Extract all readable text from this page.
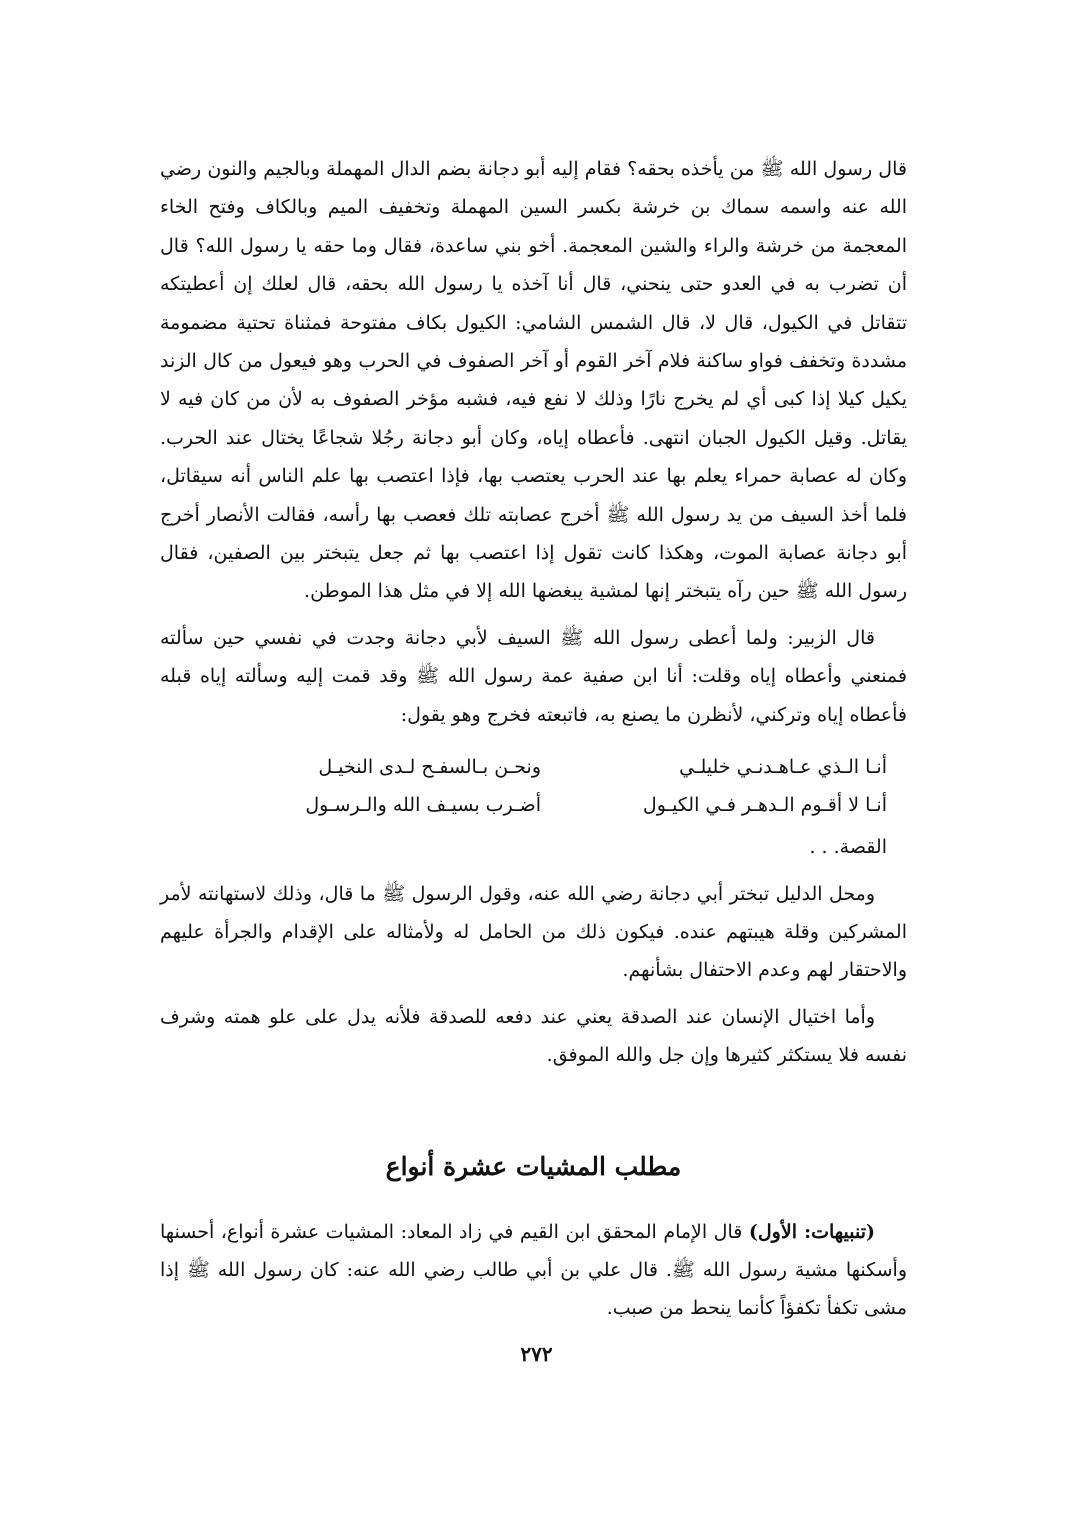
قال رسول الله ﷺ من يأخذه بحقه؟ فقام إليه أبو دجانة بضم الدال المهملة وبالجيم والنون رضي الله عنه واسمه سماك بن خرشة بكسر السين المهملة وتخفيف الميم وبالكاف وفتح الخاء المعجمة من خرشة والراء والشين المعجمة. أخو بني ساعدة، فقال وما حقه يا رسول الله؟ قال أن تضرب به في العدو حتى ينحني، قال أنا آخذه يا رسول الله بحقه، قال لعلك إن أعطيتكه تتقاتل في الكيول، قال لا، قال الشمس الشامي: الكيول بكاف مفتوحة فمثناة تحتية مضمومة مشددة وتخفف فواو ساكنة فلام آخر القوم أو آخر الصفوف في الحرب وهو فيعول من كال الزند يكيل كيلا إذا كبى أي لم يخرج نارًا وذلك لا نفع فيه، فشبه مؤخر الصفوف به لأن من كان فيه لا يقاتل. وقيل الكيول الجبان انتهى. فأعطاه إياه، وكان أبو دجانة رجُلا شجاعًا يختال عند الحرب. وكان له عصابة حمراء يعلم بها عند الحرب يعتصب بها، فإذا اعتصب بها علم الناس أنه سيقاتل، فلما أخذ السيف من يد رسول الله ﷺ أخرج عصابته تلك فعصب بها رأسه، فقالت الأنصار أخرج أبو دجانة عصابة الموت، وهكذا كانت تقول إذا اعتصب بها ثم جعل يتبختر بين الصفين، فقال رسول الله ﷺ حين رآه يتبختر إنها لمشية يبغضها الله إلا في مثل هذا الموطن.

قال الزبير: ولما أعطى رسول الله ﷺ السيف لأبي دجانة وجدت في نفسي حين سألته فمنعني وأعطاه إياه وقلت: أنا ابن صفية عمة رسول الله ﷺ وقد قمت إليه وسألته إياه قبله فأعطاه إياه وتركني، لأنظرن ما يصنع به، فاتبعته فخرج وهو يقول:

أنـا الـذي عـاهـدنـي خليلـي
ونحـن بـالسفـح لـدى النخيـل
أنـا لا أقـوم الـدهـر فـي الكيـول
أضـرب بسيـف الله والـرسـول
القصة. . .

ومحل الدليل تبختر أبي دجانة رضي الله عنه، وقول الرسول ﷺ ما قال، وذلك لاستهانته لأمر المشركين وقلة هيبتهم عنده. فيكون ذلك من الحامل له ولأمثاله على الإقدام والجرأة عليهم والاحتقار لهم وعدم الاحتفال بشأنهم.

وأما اختيال الإنسان عند الصدقة يعني عند دفعه للصدقة فلأنه يدل على علو همته وشرف نفسه فلا يستكثر كثيرها وإن جل والله الموفق.

مطلب المشيات عشرة أنواع

(تنبيهات: الأول) قال الإمام المحقق ابن القيم في زاد المعاد: المشيات عشرة أنواع، أحسنها وأسكنها مشية رسول الله ﷺ. قال علي بن أبي طالب رضي الله عنه: كان رسول الله ﷺ إذا مشى تكفأ تكفؤاً كأنما ينحط من صبب.

٢٧٢
